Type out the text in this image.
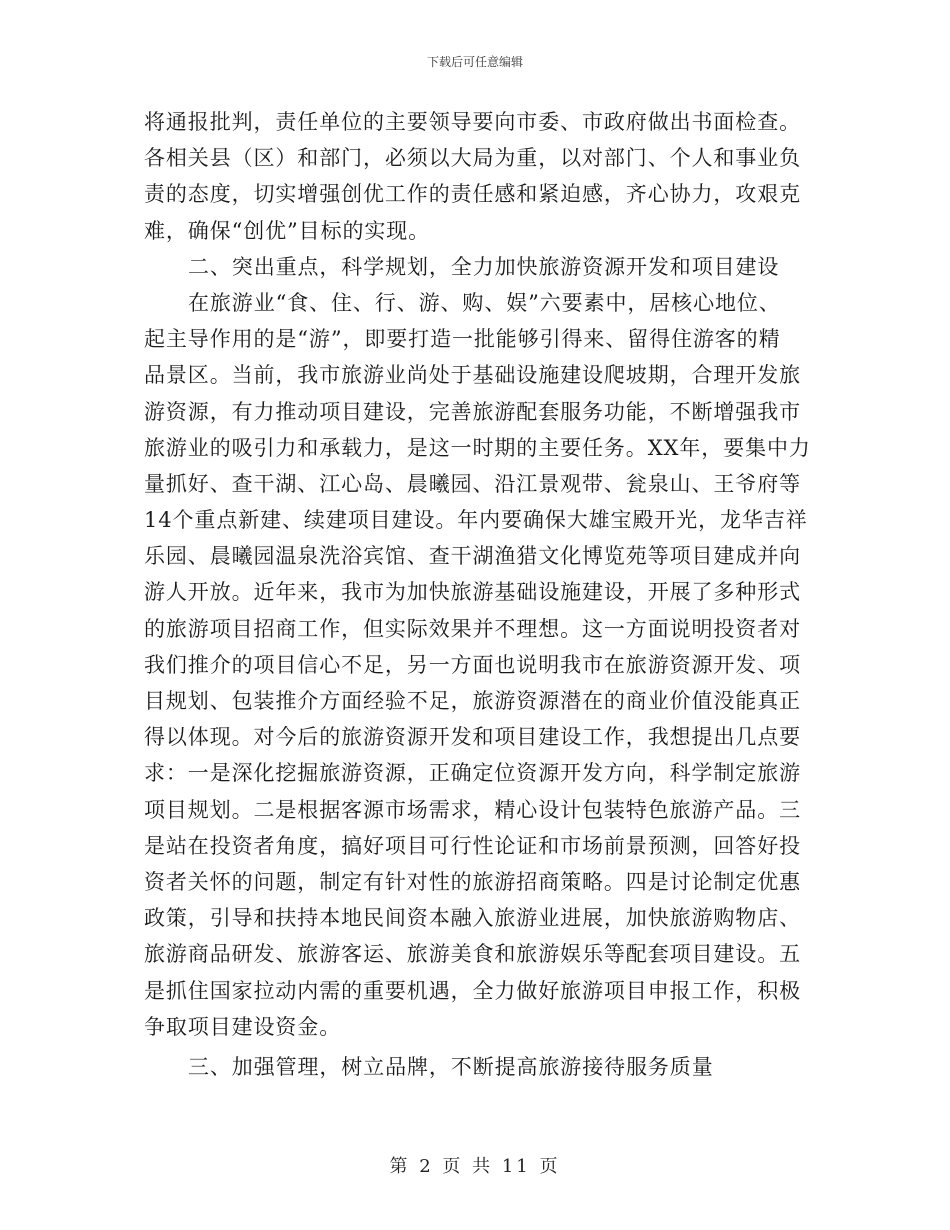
下载后可任意编辑
将通报批判，责任单位的主要领导要向市委、市政府做出书面检查。
各相关县（区）和部门，必须以大局为重，以对部门、个人和事业负
责的态度，切实增强创优工作的责任感和紧迫感，齐心协力，攻艰克
难，确保“创优”目标的实现。
二、突出重点，科学规划，全力加快旅游资源开发和项目建设
在旅游业“食、住、行、游、购、娱”六要素中，居核心地位、
起主导作用的是“游”，即要打造一批能够引得来、留得住游客的精
品景区。当前，我市旅游业尚处于基础设施建设爬坡期，合理开发旅
游资源，有力推动项目建设，完善旅游配套服务功能，不断增强我市
旅游业的吸引力和承载力，是这一时期的主要任务。XX年，要集中力
量抓好、查干湖、江心岛、晨曦园、沿江景观带、瓮泉山、王爷府等
14个重点新建、续建项目建设。年内要确保大雄宝殿开光，龙华吉祥
乐园、晨曦园温泉洗浴宾馆、查干湖渔猎文化博览苑等项目建成并向
游人开放。近年来，我市为加快旅游基础设施建设，开展了多种形式
的旅游项目招商工作，但实际效果并不理想。这一方面说明投资者对
我们推介的项目信心不足，另一方面也说明我市在旅游资源开发、项
目规划、包装推介方面经验不足，旅游资源潜在的商业价值没能真正
得以体现。对今后的旅游资源开发和项目建设工作，我想提出几点要
求：一是深化挖掘旅游资源，正确定位资源开发方向，科学制定旅游
项目规划。二是根据客源市场需求，精心设计包装特色旅游产品。三
是站在投资者角度，搞好项目可行性论证和市场前景预测，回答好投
资者关怀的问题，制定有针对性的旅游招商策略。四是讨论制定优惠
政策，引导和扶持本地民间资本融入旅游业进展，加快旅游购物店、
旅游商品研发、旅游客运、旅游美食和旅游娱乐等配套项目建设。五
是抓住国家拉动内需的重要机遇，全力做好旅游项目申报工作，积极
争取项目建设资金。
三、加强管理，树立品牌，不断提高旅游接待服务质量
第 2 页 共 11 页
